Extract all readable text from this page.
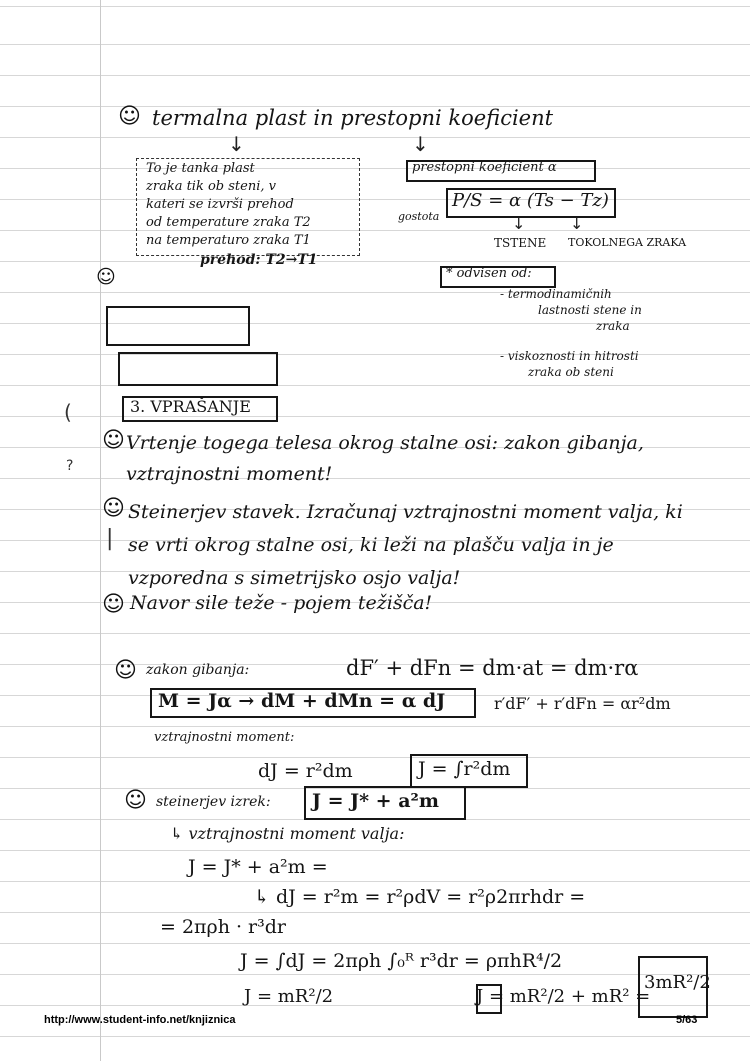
☺ termalna plast in prestopni koeficient
↓	↓
To je tanka plast
zraka tik ob steni, v
kateri se izvrši prehod
od temperature zraka T2
na temperaturo zraka T1
prehod: T2→T1
prestopni koeficient α
P/S = α (Ts − Tz)
gostota	↓	↓
TSTENE TOKOLNEGA ZRAKA
* odvisen od:
- termodinamičnih
lastnosti stene in
zraka
- viskoznosti in hitrosti
zraka ob steni
☺
3. VPRAŠANJE
(
?
|
☺ Vrtenje togega telesa okrog stalne osi: zakon gibanja, vztrajnostni moment!
☺ Steinerjev stavek. Izračunaj vztrajnostni moment valja, ki se vrti okrog stalne osi, ki leži na plašču valja in je vzporedna s simetrijsko osjo valja!
☺ Navor sile teže - pojem težišča!
☺ zakon gibanja:	dF′ + dFn = dm·at = dm·rα
M = Jα → dM + dMn = α dJ	r′dF′ + r′dFn = αr²dm
vztrajnostni moment:
dJ = r²dm	J = ∫r²dm
☺ steinerjev izrek: J = J* + a²m
↳ vztrajnostni moment valja:
J = J* + a²m =
↳ dJ = r²m = r²ρdV = r²ρ2πrhdr =
= 2πρh · r³dr
J = ∫dJ = 2πρh ∫₀ᴿ r³dr = ρπhR⁴/2
J = mR²/2	J = mR²/2 + mR² =
3mR²/2
http://www.student-info.net/knjiznica	5/63
